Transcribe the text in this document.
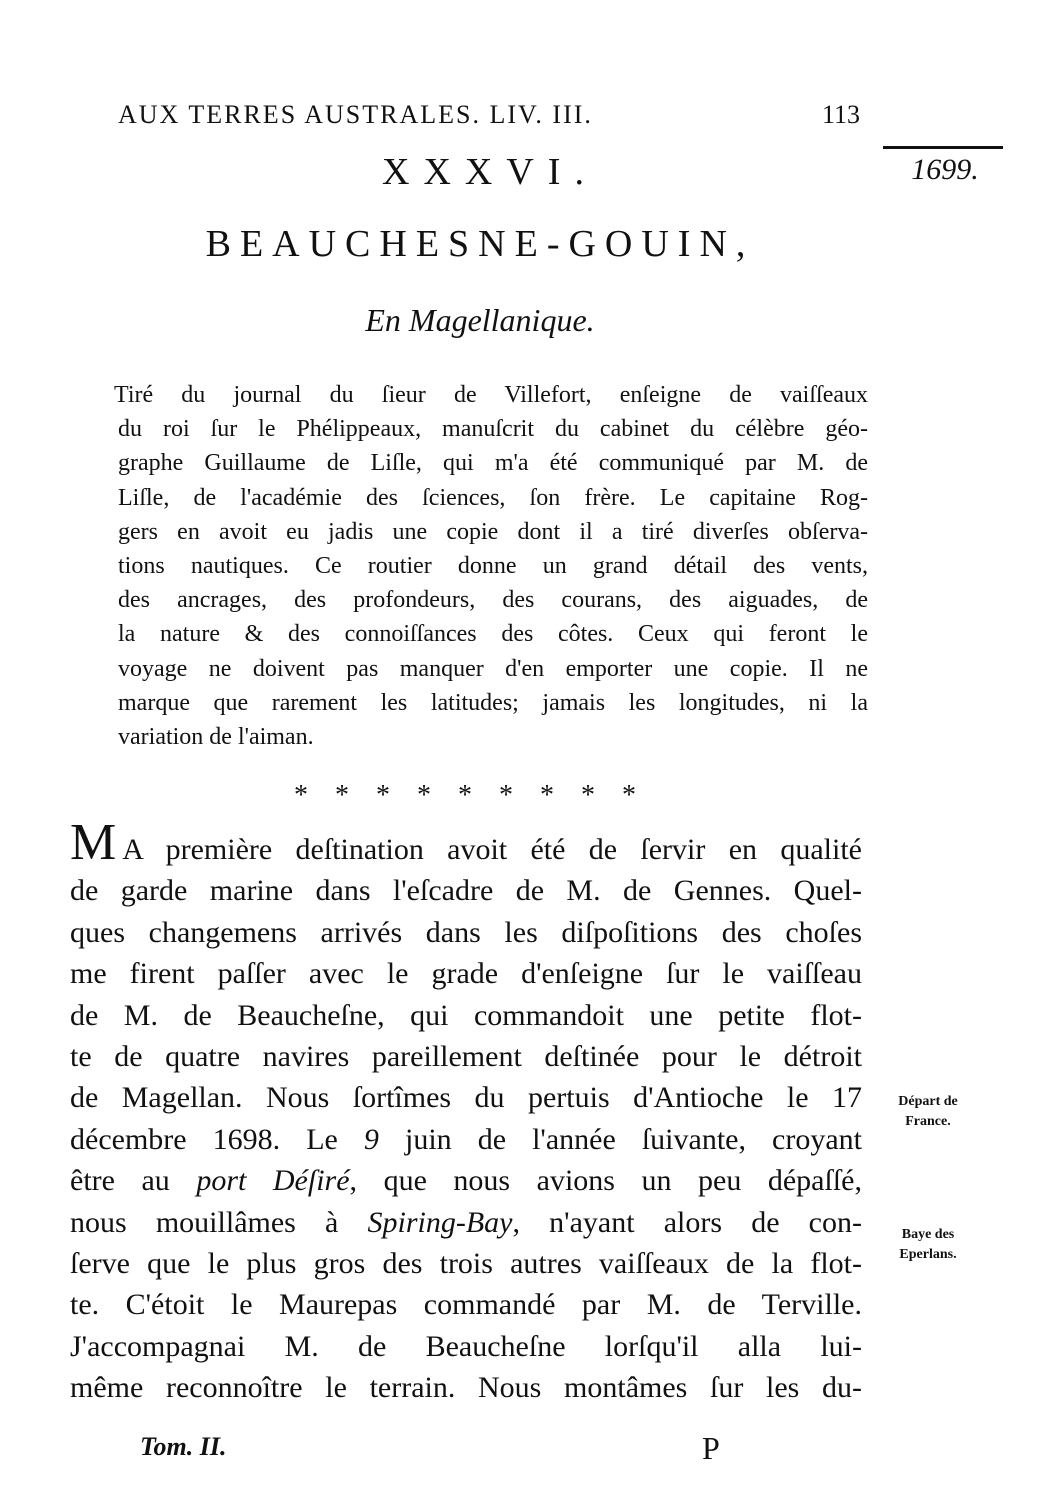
AUX TERRES AUSTRALES. LIV. III.	113
1699.
XXXVI.
BEAUCHESNE-GOUIN,
En Magellanique.
Tiré du journal du ſieur de Villefort, enſeigne de vaiſſeaux
du roi ſur le Phélippeaux, manuſcrit du cabinet du célèbre géo-
graphe Guillaume de Liſle, qui m'a été communiqué par M. de
Liſle, de l'académie des ſciences, ſon frère. Le capitaine Rog-
gers en avoit eu jadis une copie dont il a tiré diverſes obſerva-
tions nautiques. Ce routier donne un grand détail des vents,
des ancrages, des profondeurs, des courans, des aiguades, de
la nature & des connoiſſances des côtes. Ceux qui feront le
voyage ne doivent pas manquer d'en emporter une copie. Il ne
marque que rarement les latitudes; jamais les longitudes, ni la
variation de l'aiman.
* * * * * * * * *
M A première deſtination avoit été de ſervir en qualité
de garde marine dans l'eſcadre de M. de Gennes. Quel-
ques changemens arrivés dans les diſpoſitions des choſes
me firent paſſer avec le grade d'enſeigne ſur le vaiſſeau
de M. de Beaucheſne, qui commandoit une petite flot-
te de quatre navires pareillement deſtinée pour le détroit
de Magellan. Nous ſortîmes du pertuis d'Antioche le 17
décembre 1698. Le 9 juin de l'année ſuivante, croyant
être au port Déſiré, que nous avions un peu dépaſſé,
nous mouillâmes à Spiring-Bay, n'ayant alors de con-
ſerve que le plus gros des trois autres vaiſſeaux de la flot-
te. C'étoit le Maurepas commandé par M. de Terville.
J'accompagnai M. de Beaucheſne lorſqu'il alla lui-
même reconnoître le terrain. Nous montâmes ſur les du-
Départ de
France.
Baye des
Eperlans.
Tom. II.	P
